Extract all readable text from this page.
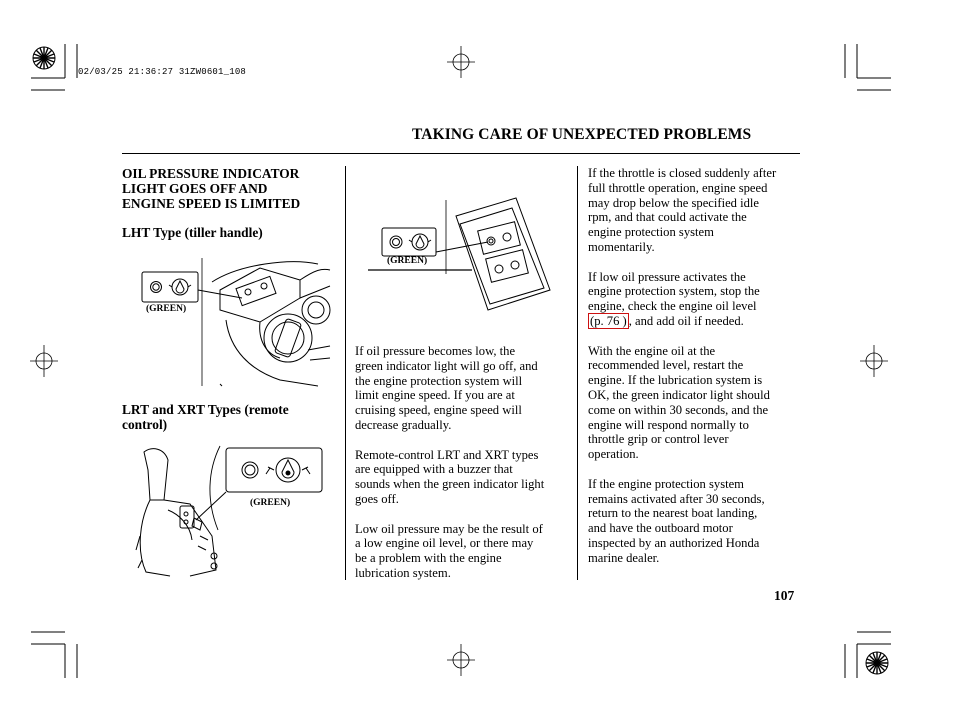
02/03/25 21:36:27 31ZW0601_108
TAKING CARE OF UNEXPECTED PROBLEMS
OIL PRESSURE INDICATOR
LIGHT GOES OFF AND
ENGINE SPEED IS LIMITED
LHT Type (tiller handle)
(GREEN)
LRT and XRT Types (remote
control)
(GREEN)
(GREEN)
If oil pressure becomes low, the
green indicator light will go off, and
the engine protection system will
limit engine speed. If you are at
cruising speed, engine speed will
decrease gradually.
Remote-control LRT and XRT types
are equipped with a buzzer that
sounds when the green indicator light
goes off.
Low oil pressure may be the result of
a low engine oil level, or there may
be a problem with the engine
lubrication system.
If the throttle is closed suddenly after
full throttle operation, engine speed
may drop below the specified idle
rpm, and that could activate the
engine protection system
momentarily.
If low oil pressure activates the
engine protection system, stop the
engine, check the engine oil level
(p. 76 ) , and add oil if needed.
With the engine oil at the
recommended level, restart the
engine. If the lubrication system is
OK, the green indicator light should
come on within 30 seconds, and the
engine will respond normally to
throttle grip or control lever
operation.
If the engine protection system
remains activated after 30 seconds,
return to the nearest boat landing,
and have the outboard motor
inspected by an authorized Honda
marine dealer.
107
